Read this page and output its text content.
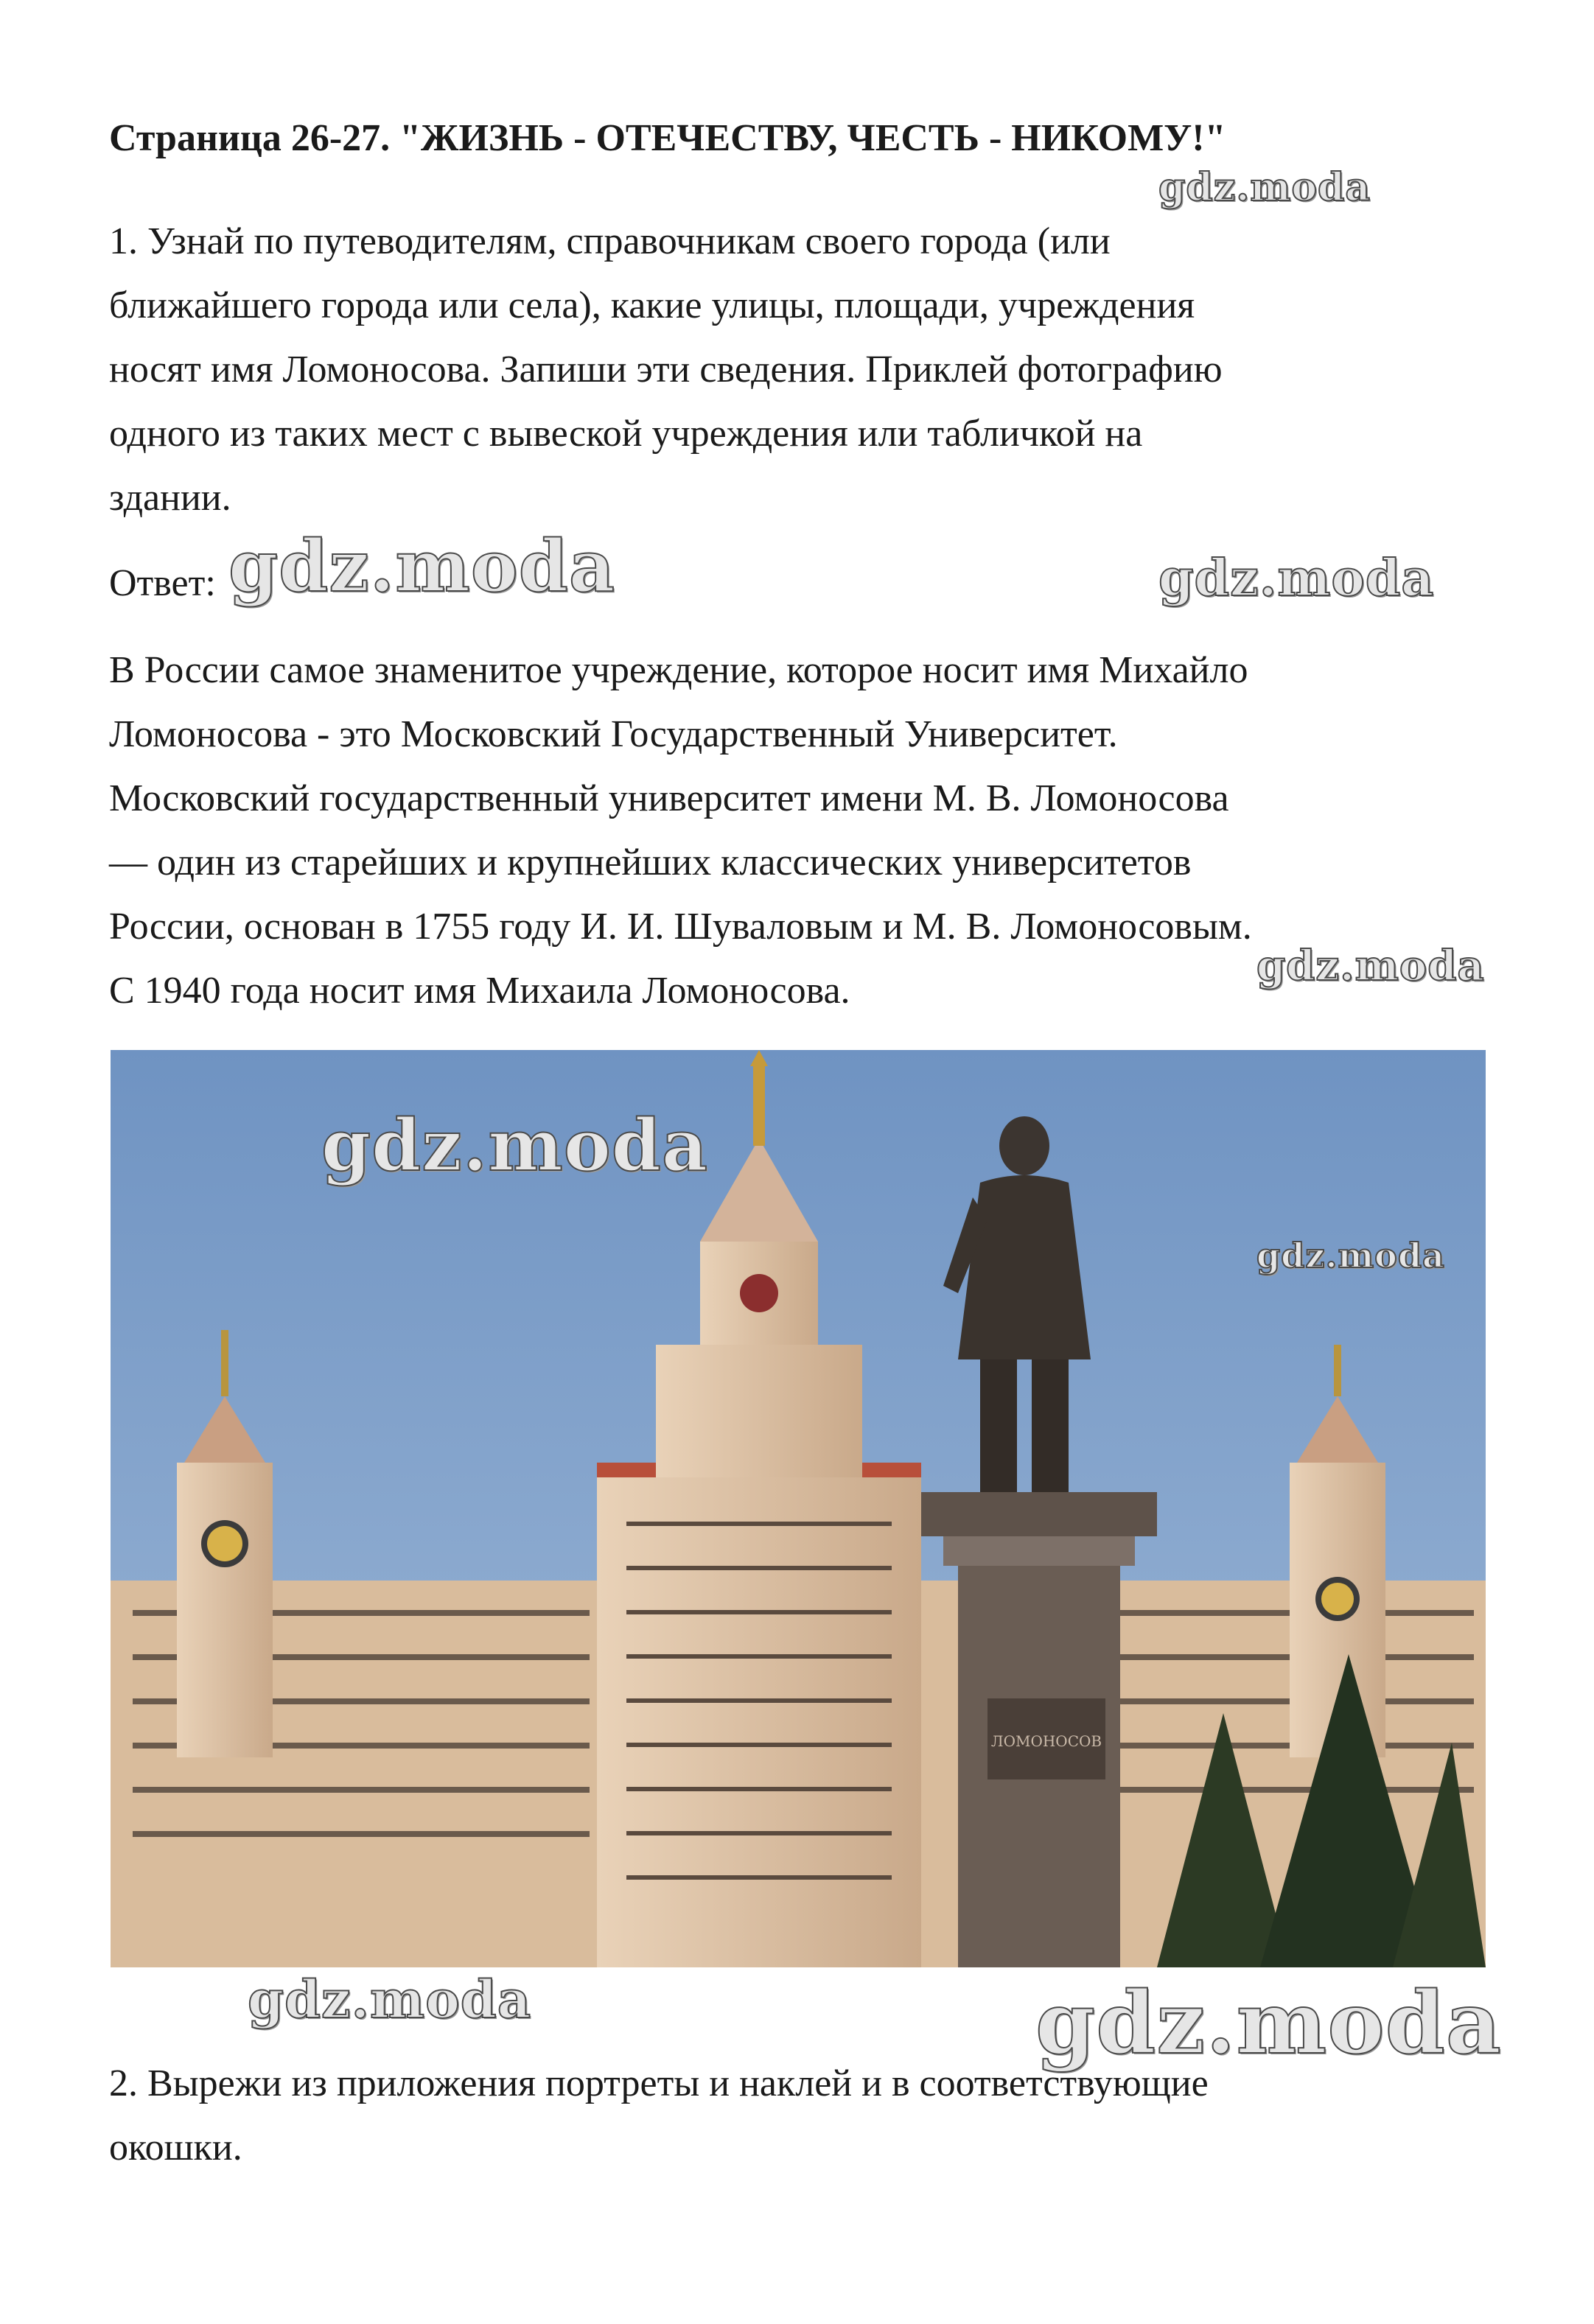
Страница 26-27. "ЖИЗНЬ - ОТЕЧЕСТВУ, ЧЕСТЬ - НИКОМУ!"
gdz.moda
1. Узнай по путеводителям, справочникам своего города (или
ближайшего города или села), какие улицы, площади, учреждения
носят имя Ломоносова. Запиши эти сведения. Приклей фотографию
одного из таких мест с вывеской учреждения или табличкой на
здании.
Ответ: gdz.moda	gdz.moda
В России самое знаменитое учреждение, которое носит имя Михайло
Ломоносова - это Московский Государственный Университет.
Московский государственный университет имени М. В. Ломоносова
— один из старейших и крупнейших классических университетов
России, основан в 1755 году И. И. Шуваловым и М. В. Ломоносовым.
С 1940 года носит имя Михаила Ломоносова.
gdz.moda
ЛОМОНОСОВ
gdz.moda
gdz.moda
gdz.moda	gdz.moda
2. Вырежи из приложения портреты и наклей и в соответствующие
окошки.
